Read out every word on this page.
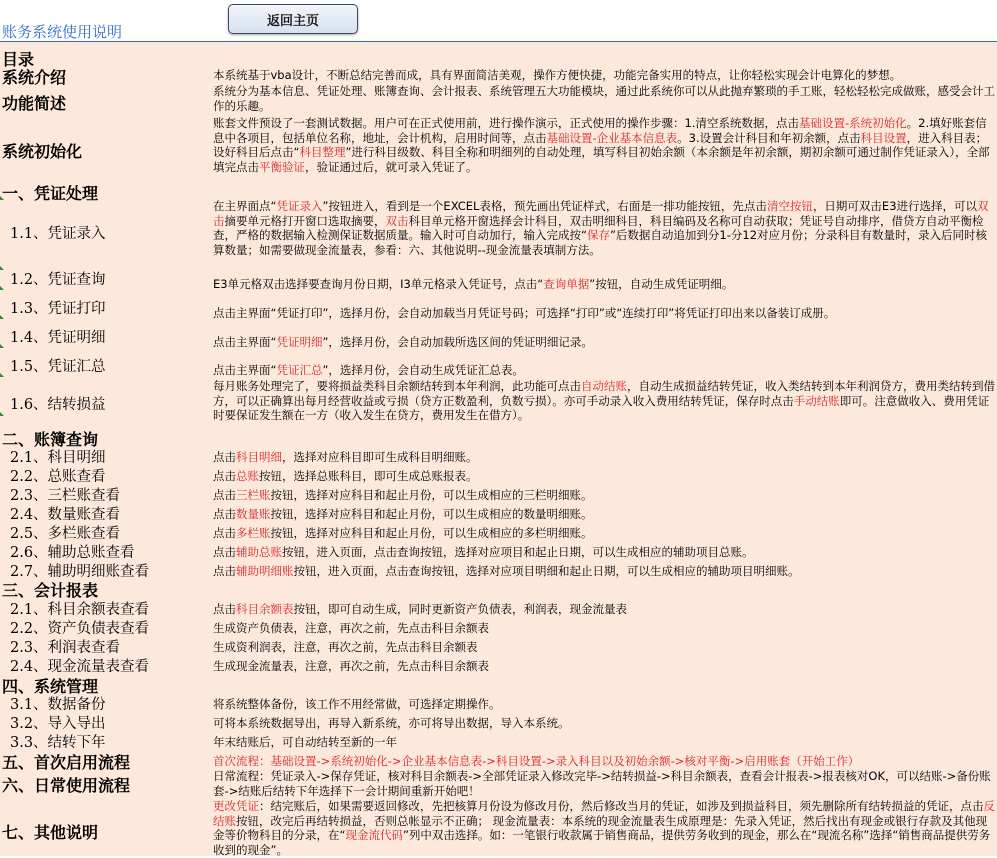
账务系统使用说明
返回主页
目录
系统介绍
功能简述
系统初始化
一、凭证处理
1.1、凭证录入
1.2、凭证查询
1.3、凭证打印
1.4、凭证明细
1.5、凭证汇总
1.6、结转损益
二、账簿查询
2.1、科目明细
2.2、总账查看
2.3、三栏账查看
2.4、数量账查看
2.5、多栏账查看
2.6、辅助总账查看
2.7、辅助明细账查看
三、会计报表
2.1、科目余额表查看
2.2、资产负债表查看
2.3、利润表查看
2.4、现金流量表查看
四、系统管理
3.1、数据备份
3.2、导入导出
3.3、结转下年
五、首次启用流程
六、日常使用流程
七、其他说明
本系统基于vba设计，不断总结完善而成，具有界面简洁美观，操作方便快捷，功能完备实用的特点，让你轻松实现会计电算化的梦想。
系统分为基本信息、凭证处理、账簿查询、会计报表、系统管理五大功能模块，通过此系统你可以从此抛弃繁琐的手工账，轻松轻松完成做账，感受会计工作的乐趣。
账套文件预设了一套测试数据。用户可在正式使用前，进行操作演示，正式使用的操作步骤：1.清空系统数据，点击基础设置-系统初始化。2.填好账套信息中各项目，包括单位名称，地址，会计机构，启用时间等，点击基础设置-企业基本信息表。3.设置会计科目和年初余额，点击科目设置，进入科目表；设好科目后点击“科目整理”进行科目级数、科目全称和明细列的自动处理，填写科目初始余额（本余额是年初余额，期初余额可通过制作凭证录入），全部填完点击平衡验证，验证通过后，就可录入凭证了。
在主界面点“凭证录入”按钮进入，看到是一个EXCEL表格，预先画出凭证样式，右面是一排功能按钮，先点击清空按钮，日期可双击E3进行选择，可以双击摘要单元格打开窗口选取摘要，双击科目单元格开窗选择会计科目，双击明细科目，科目编码及名称可自动获取；凭证号自动排序，借贷方自动平衡检查，严格的数据输入检测保证数据质量。输入时可自动加行，输入完成按“保存”后数据自动追加到分1-分12对应月份；分录科目有数量时，录入后同时核算数量；如需要做现金流量表，参看：六、其他说明--现金流量表填制方法。
E3单元格双击选择要查询月份日期，I3单元格录入凭证号，点击“查询单据”按钮，自动生成凭证明细。
点击主界面“凭证打印”，选择月份，会自动加载当月凭证号码；可选择“打印”或“连续打印”将凭证打印出来以备装订成册。
点击主界面“凭证明细”，选择月份，会自动加载所选区间的凭证明细记录。
点击主界面“凭证汇总”，选择月份，会自动生成凭证汇总表。
每月账务处理完了，要将损益类科目余额结转到本年利润，此功能可点击自动结账，自动生成损益结转凭证，收入类结转到本年利润贷方，费用类结转到借方，可以正确算出每月经营收益或亏损（贷方正数盈利，负数亏损）。亦可手动录入收入费用结转凭证，保存时点击手动结账即可。注意做收入、费用凭证时要保证发生额在一方（收入发生在贷方，费用发生在借方）。
点击科目明细，选择对应科目即可生成科目明细账。
点击总账按钮，选择总账科目，即可生成总账报表。
点击三栏账按钮，选择对应科目和起止月份，可以生成相应的三栏明细账。
点击数量账按钮，选择对应科目和起止月份，可以生成相应的数量明细账。
点击多栏账按钮，选择对应科目和起止月份，可以生成相应的多栏明细账。
点击辅助总账按钮，进入页面，点击查询按钮，选择对应项目和起止日期，可以生成相应的辅助项目总账。
点击辅助明细账按钮，进入页面，点击查询按钮，选择对应项目明细和起止日期，可以生成相应的辅助项目明细账。
点击科目余额表按钮，即可自动生成，同时更新资产负债表，利润表，现金流量表
生成资产负债表，注意，再次之前，先点击科目余额表
生成资利润表，注意，再次之前，先点击科目余额表
生成现金流量表，注意，再次之前，先点击科目余额表
将系统整体备份，该工作不用经常做，可选择定期操作。
可将本系统数据导出，再导入新系统，亦可将导出数据，导入本系统。
年末结账后，可自动结转至新的一年
首次流程：基础设置->系统初始化->企业基本信息表->科目设置->录入科目以及初始余额->核对平衡->启用账套（开始工作）
日常流程：凭证录入->保存凭证，核对科目余额表->全部凭证录入修改完毕->结转损益->科目余额表，查看会计报表->报表核对OK，可以结账->备份账套->结账后结转下年选择下一会计期间重新开始吧！
更改凭证：结完账后，如果需要返回修改，先把核算月份设为修改月份，然后修改当月的凭证，如涉及到损益科目，须先删除所有结转损益的凭证，点击反结账按钮，改完后再结转损益，否则总帐显示不正确； 现金流量表：本系统的现金流量表生成原理是：先录入凭证，然后找出有现金或银行存款及其他现金等价物科目的分录，在“现金流代码”列中双击选择。如：一笔银行收款属于销售商品，提供劳务收到的现金，那么在“现流名称”选择“销售商品提供劳务收到的现金”。
